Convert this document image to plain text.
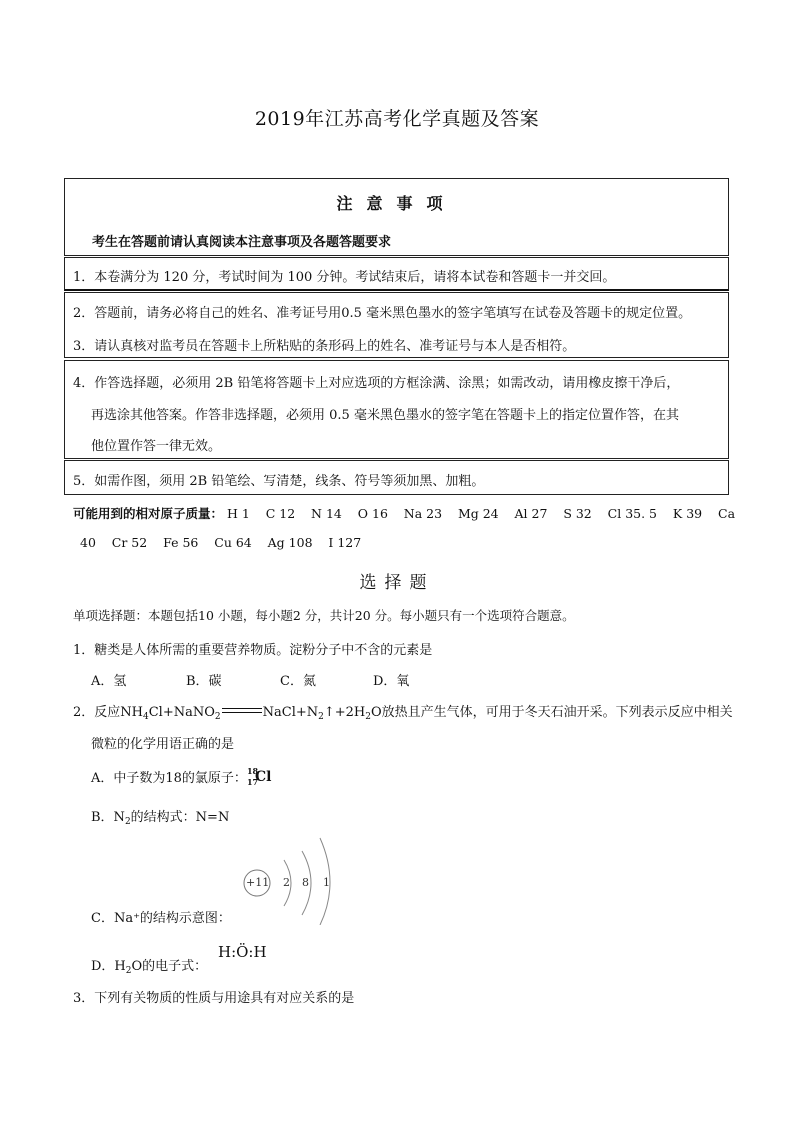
2019年江苏高考化学真题及答案
注意事项
考生在答题前请认真阅读本注意事项及各题答题要求
1．本卷满分为 120 分，考试时间为 100 分钟。考试结束后，请将本试卷和答题卡一并交回。
2．答题前，请务必将自己的姓名、准考证号用0.5 毫米黑色墨水的签字笔填写在试卷及答题卡的规定位置。
3．请认真核对监考员在答题卡上所粘贴的条形码上的姓名、准考证号与本人是否相符。
4．作答选择题，必须用 2B 铅笔将答题卡上对应选项的方框涂满、涂黑；如需改动，请用橡皮擦干净后，
再选涂其他答案。作答非选择题，必须用 0.5 毫米黑色墨水的签字笔在答题卡上的指定位置作答，在其
他位置作答一律无效。
5．如需作图，须用 2B 铅笔绘、写清楚，线条、符号等须加黑、加粗。
可能用到的相对原子质量： H 1    C 12    N 14    O 16    Na 23    Mg 24    Al 27    S 32    Cl 35. 5    K 39    Ca
40    Cr 52    Fe 56    Cu 64    Ag 108    I 127
选择题
单项选择题：本题包括10 小题，每小题2 分，共计20 分。每小题只有一个选项符合题意。
1．糖类是人体所需的重要营养物质。淀粉分子中不含的元素是
A．氢	B．碳	C．氮	D．氧
2．反应$NH_4Cl+NaNO_2$	$NaCl+N_2↑+2H_2O$放热且产生气体，可用于冬天石油开采。下列表示反应中相关
微粒的化学用语正确的是
A．中子数为18的氯原子： 18
17
Cl
B．$N_2$的结构式：N=N
+11 2 8 1
C．Na⁺的结构示意图：
D．$H_2O$的电子式：
H:Ö:H
3．下列有关物质的性质与用途具有对应关系的是
